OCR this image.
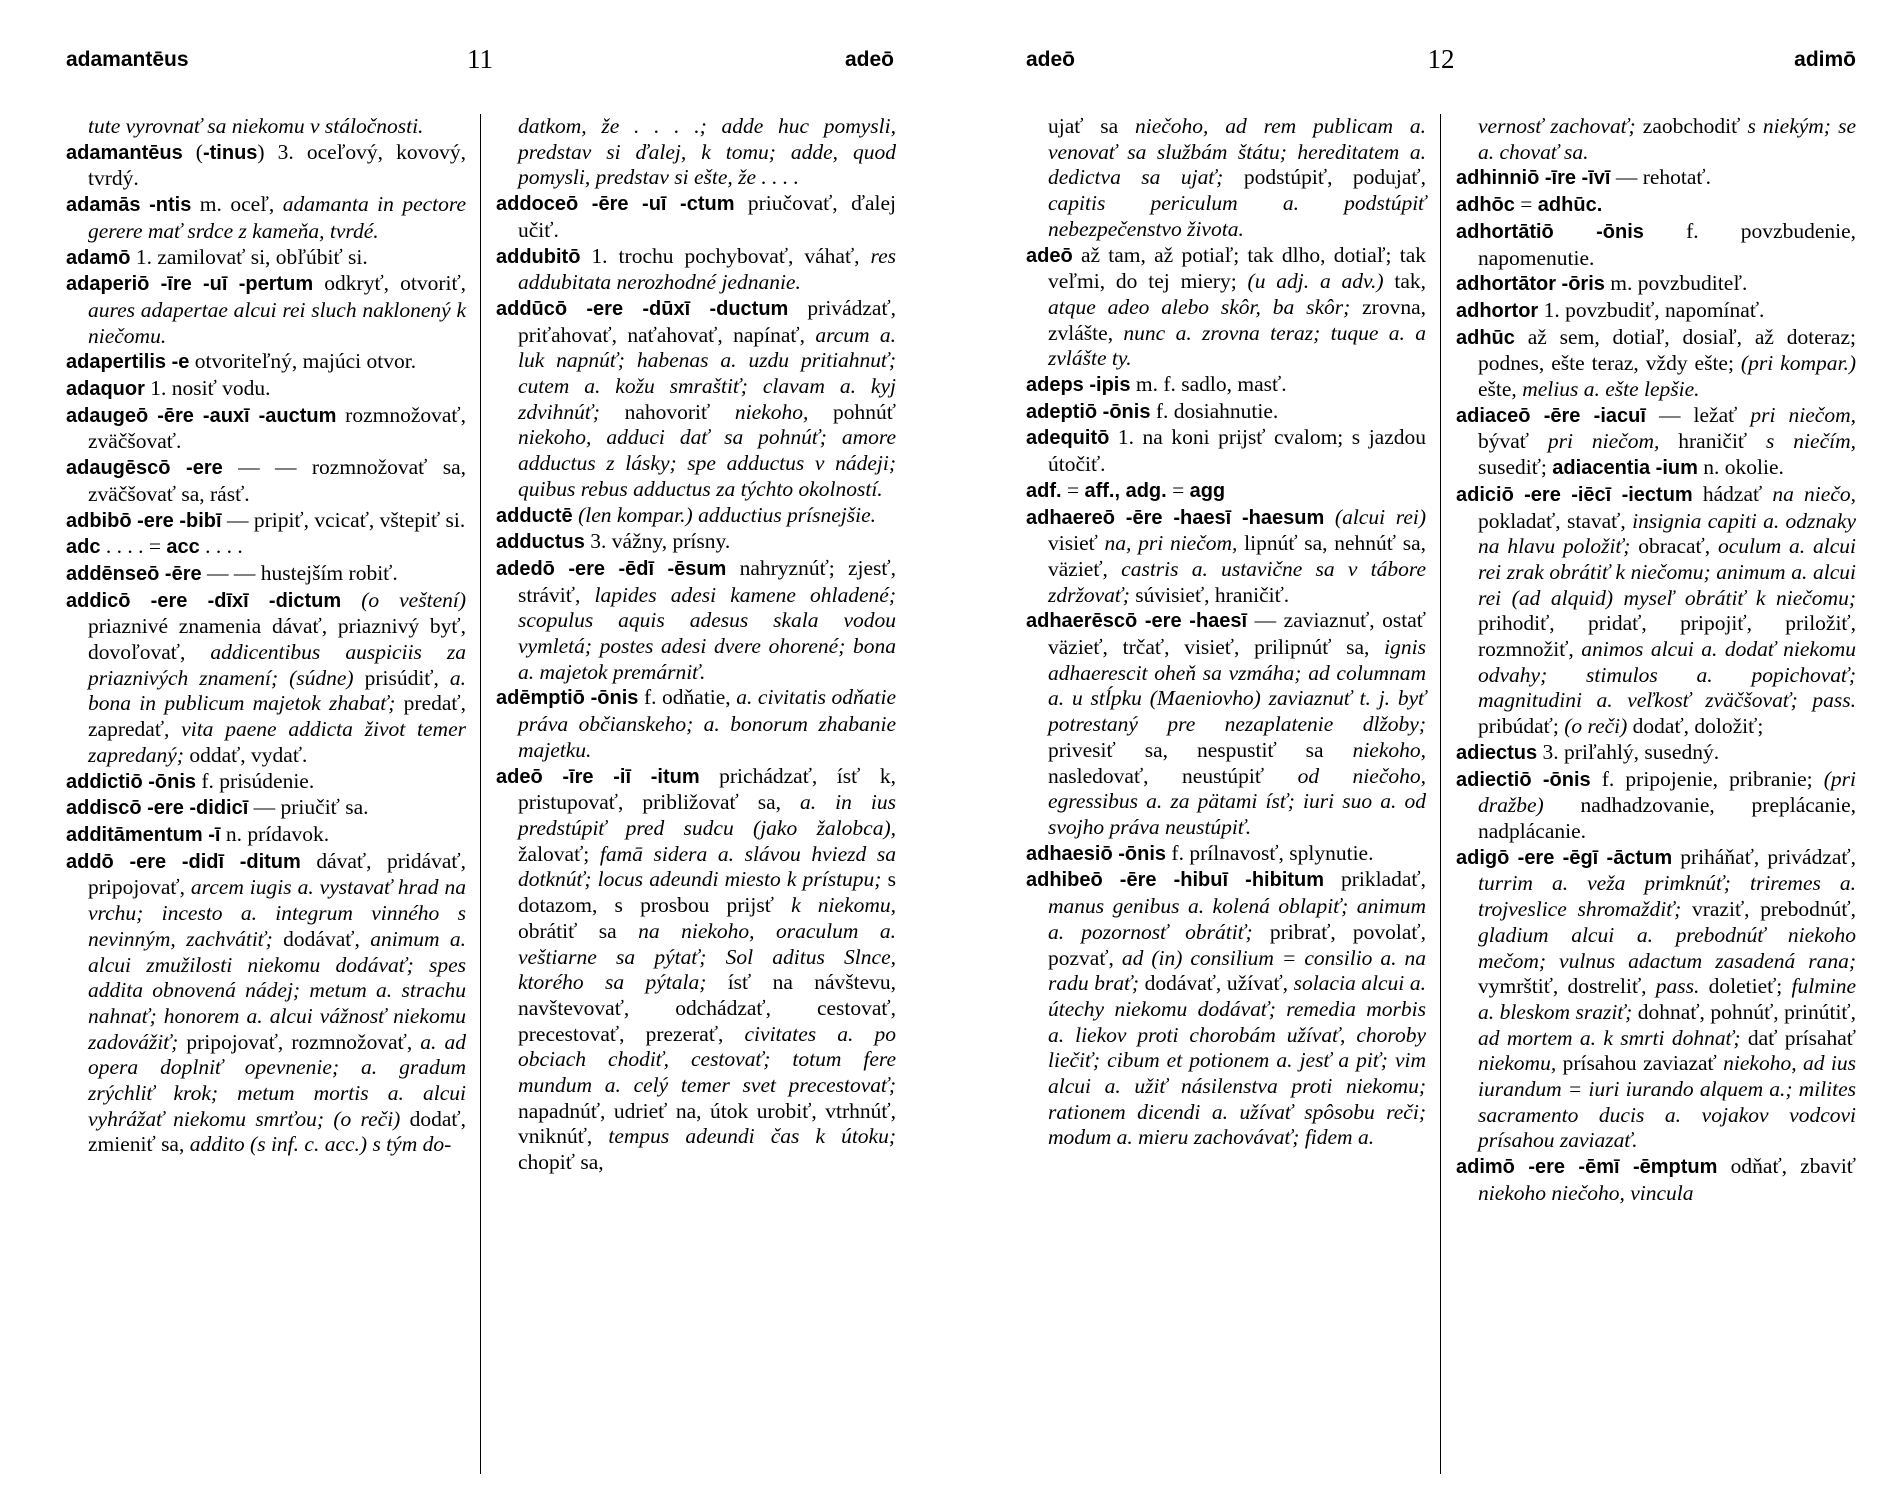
adamantēus	11	adeō

tute vyrovnať sa niekomu v stáločnosti.

adamantēus (-tinus) 3. oceľový, kovový, tvrdý.

adamās -ntis m. oceľ, adamanta in pectore gerere mať srdce z kameňa, tvrdé.

adamō 1. zamilovať si, obľúbiť si.

adaperiō -īre -uī -pertum odkryť, otvoriť, aures adapertae alcui rei sluch naklonený k niečomu.

adapertilis -e otvoriteľný, majúci otvor.

adaquor 1. nosiť vodu.

adaugeō -ēre -auxī -auctum rozmnožovať, zväčšovať.

adaugēscō -ere — — rozmnožovať sa, zväčšovať sa, rásť.

adbibō -ere -bibī — pripiť, vcicať, vštepiť si.

adc . . . . = acc . . . .

addēnseō -ēre — — hustejším robiť.

addicō -ere -dīxī -dictum (o veštení) priaznivé znamenia dávať, priaznivý byť, dovoľovať, addicentibus auspiciis za priaznivých znamení; (súdne) prisúdiť, a. bona in publicum majetok zhabať; predať, zapredať, vita paene addicta život temer zapredaný; oddať, vydať.

addictiō -ōnis f. prisúdenie.

addiscō -ere -didicī — priučiť sa.

additāmentum -ī n. prídavok.

addō -ere -didī -ditum dávať, pridávať, pripojovať, arcem iugis a. vystavať hrad na vrchu; incesto a. integrum vinného s nevinným, zachvátiť; dodávať, animum a. alcui zmužilosti niekomu dodávať; spes addita obnovená nádej; metum a. strachu nahnať; honorem a. alcui vážnosť niekomu zadovážiť; pripojovať, rozmnožovať, a. ad opera doplniť opevnenie; a. gradum zrýchliť krok; metum mortis a. alcui vyhrážať niekomu smrťou; (o reči) dodať, zmieniť sa, addito (s inf. c. acc.) s tým do-

datkom, že . . . .; adde huc pomysli, predstav si ďalej, k tomu; adde, quod pomysli, predstav si ešte, že . . . .

addoceō -ēre -uī -ctum priučovať, ďalej učiť.

addubitō 1. trochu pochybovať, váhať, res addubitata nerozhodné jednanie.

addūcō -ere -dūxī -ductum privádzať, priťahovať, naťahovať, napínať, arcum a. luk napnúť; habenas a. uzdu pritiahnuť; cutem a. kožu smraštiť; clavam a. kyj zdvihnúť; nahovoriť niekoho, pohnúť niekoho, adduci dať sa pohnúť; amore adductus z lásky; spe adductus v nádeji; quibus rebus adductus za týchto okolností.

adductē (len kompar.) adductius prísnejšie.

adductus 3. vážny, prísny.

adedō -ere -ēdī -ēsum nahryznúť; zjesť, stráviť, lapides adesi kamene ohladené; scopulus aquis adesus skala vodou vymletá; postes adesi dvere ohorené; bona a. majetok premárniť.

adēmptiō -ōnis f. odňatie, a. civitatis odňatie práva občianskeho; a. bonorum zhabanie majetku.

adeō -īre -iī -itum prichádzať, ísť k, pristupovať, približovať sa, a. in ius predstúpiť pred sudcu (jako žalobca), žalovať; famā sidera a. slávou hviezd sa dotknúť; locus adeundi miesto k prístupu; s dotazom, s prosbou prijsť k niekomu, obrátiť sa na niekoho, oraculum a. veštiarne sa pýtať; Sol aditus Slnce, ktorého sa pýtala; ísť na návštevu, navštevovať, odchádzať, cestovať, precestovať, prezerať, civitates a. po obciach chodiť, cestovať; totum fere mundum a. celý temer svet precestovať; napadnúť, udrieť na, útok urobiť, vtrhnúť, vniknúť, tempus adeundi čas k útoku; chopiť sa,

adeō	12	adimō

ujať sa niečoho, ad rem publicam a. venovať sa službám štátu; hereditatem a. dedictva sa ujať; podstúpiť, podujať, capitis periculum a. podstúpiť nebezpečenstvo života.

adeō až tam, až potiaľ; tak dlho, dotiaľ; tak veľmi, do tej miery; (u adj. a adv.) tak, atque adeo alebo skôr, ba skôr; zrovna, zvlášte, nunc a. zrovna teraz; tuque a. a zvlášte ty.

adeps -ipis m. f. sadlo, masť.

adeptiō -ōnis f. dosiahnutie.

adequitō 1. na koni prijsť cvalom; s jazdou útočiť.

adf. = aff., adg. = agg

adhaereō -ēre -haesī -haesum (alcui rei) visieť na, pri niečom, lipnúť sa, nehnúť sa, väzieť, castris a. ustavične sa v tábore zdržovať; súvisieť, hraničiť.

adhaerēscō -ere -haesī — zaviaznuť, ostať väzieť, trčať, visieť, prilipnúť sa, ignis adhaerescit oheň sa vzmáha; ad columnam a. u stĺpku (Maeniovho) zaviaznuť t. j. byť potrestaný pre nezaplatenie dlžoby; privesiť sa, nespustiť sa niekoho, nasledovať, neustúpiť od niečoho, egressibus a. za pätami ísť; iuri suo a. od svojho práva neustúpiť.

adhaesiō -ōnis f. prílnavosť, splynutie.

adhibeō -ēre -hibuī -hibitum prikladať, manus genibus a. kolená oblapiť; animum a. pozornosť obrátiť; pribrať, povolať, pozvať, ad (in) consilium = consilio a. na radu brať; dodávať, užívať, solacia alcui a. útechy niekomu dodávať; remedia morbis a. liekov proti chorobám užívať, choroby liečiť; cibum et potionem a. jesť a piť; vim alcui a. užiť násilenstva proti niekomu; rationem dicendi a. užívať spôsobu reči; modum a. mieru zachovávať; fidem a.

vernosť zachovať; zaobchodiť s niekým; se a. chovať sa.

adhinniō -īre -īvī — rehotať.

adhōc = adhūc.

adhortātiō -ōnis f. povzbudenie, napomenutie.

adhortātor -ōris m. povzbuditeľ.

adhortor 1. povzbudiť, napomínať.

adhūc až sem, dotiaľ, dosiaľ, až doteraz; podnes, ešte teraz, vždy ešte; (pri kompar.) ešte, melius a. ešte lepšie.

adiaceō -ēre -iacuī — ležať pri niečom, bývať pri niečom, hraničiť s niečím, susediť; adiacentia -ium n. okolie.

adiciō -ere -iēcī -iectum hádzať na niečo, pokladať, stavať, insignia capiti a. odznaky na hlavu položiť; obracať, oculum a. alcui rei zrak obrátiť k niečomu; animum a. alcui rei (ad alquid) myseľ obrátiť k niečomu; prihodiť, pridať, pripojiť, priložiť, rozmnožiť, animos alcui a. dodať niekomu odvahy; stimulos a. popichovať; magnitudini a. veľkosť zväčšovať; pass. pribúdať; (o reči) dodať, doložiť;

adiectus 3. priľahlý, susedný.

adiectiō -ōnis f. pripojenie, pribranie; (pri dražbe) nadhadzovanie, preplácanie, nadplácanie.

adigō -ere -ēgī -āctum priháňať, privádzať, turrim a. veža primknúť; triremes a. trojveslice shromaždiť; vraziť, prebodnúť, gladium alcui a. prebodnúť niekoho mečom; vulnus adactum zasadená rana; vymrštiť, dostreliť, pass. doletieť; fulmine a. bleskom sraziť; dohnať, pohnúť, prinútiť, ad mortem a. k smrti dohnať; dať prísahať niekomu, prísahou zaviazať niekoho, ad ius iurandum = iuri iurando alquem a.; milites sacramento ducis a. vojakov vodcovi prísahou zaviazať.

adimō -ere -ēmī -ēmptum odňať, zbaviť niekoho niečoho, vincula
